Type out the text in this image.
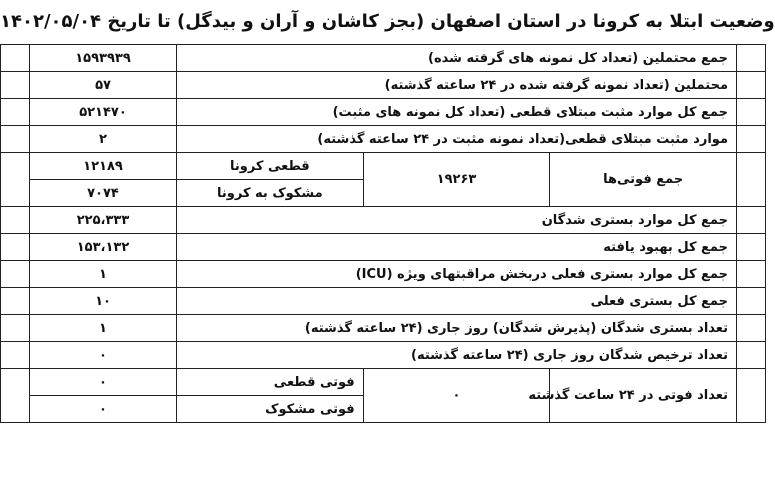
وضعیت ابتلا به کرونا در استان اصفهان (بجز کاشان و آران و بیدگل) تا تاریخ ۱۴۰۲/۰۵/۰۴
	جمع محتملین (تعداد کل نمونه های گرفته شده)			۱۵۹۳۹۳۹	
	محتملین (تعداد نمونه گرفته شده در ۲۴ ساعته گذشته)			۵۷	
	جمع کل موارد مثبت مبتلای قطعی (تعداد کل نمونه های مثبت)			۵۲۱۴۷۰	
	موارد مثبت مبتلای قطعی(تعداد نمونه مثبت در ۲۴ ساعته گذشته)			۲	
	جمع فوتی‌ها	۱۹۲۶۳	قطعی کرونا	۱۲۱۸۹	
			مشکوک به کرونا	۷۰۷۴	
	جمع کل موارد بستری شدگان			۲۲۵،۳۳۳	
	جمع کل بهبود یافته			۱۵۳،۱۳۲	
	جمع کل موارد بستری فعلی دربخش مراقبتهای ویژه (ICU)			۱	
	جمع کل بستری فعلی			۱۰	
	تعداد بستری شدگان (پذیرش شدگان) روز جاری (۲۴ ساعته گذشته)			۱	
	تعداد ترخیص شدگان روز جاری (۲۴ ساعته گذشته)			۰	
	تعداد فوتی در ۲۴ ساعت گذشته	۰	فوتی قطعی	۰	
			فوتی مشکوک	۰	
